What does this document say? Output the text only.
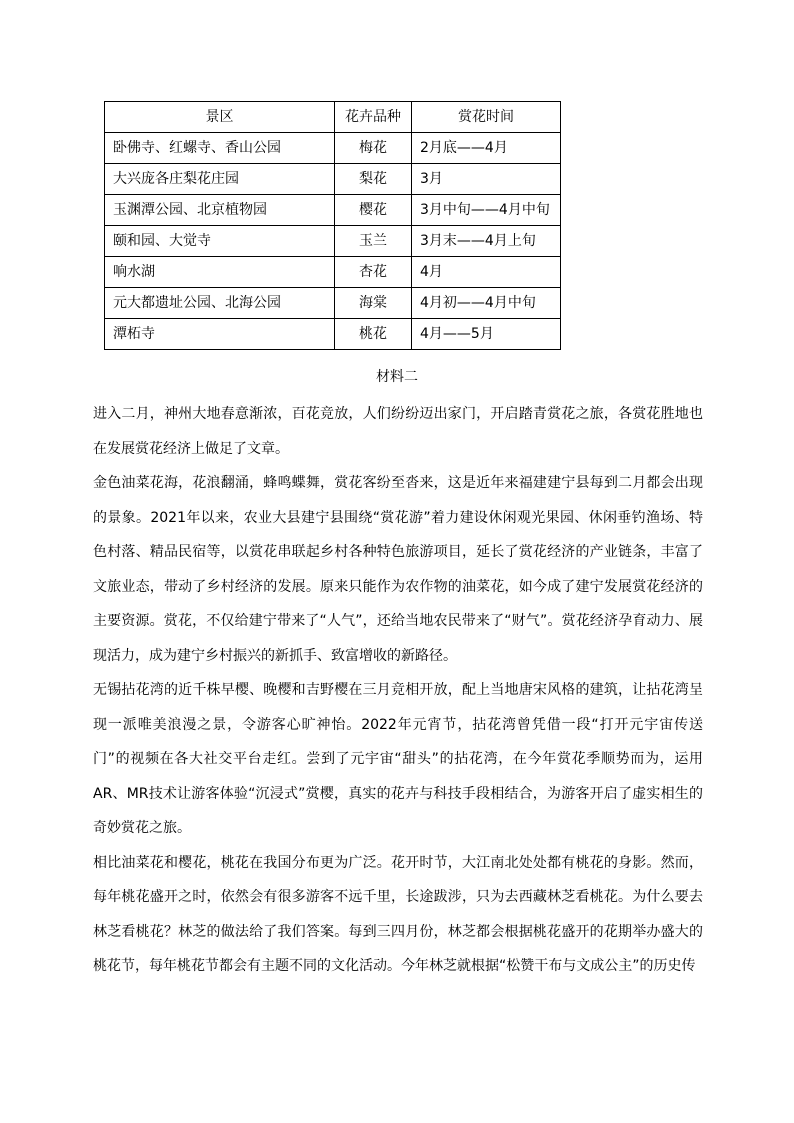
景区	花卉品种	赏花时间
卧佛寺、红螺寺、香山公园	梅花	2月底——4月
大兴庞各庄梨花庄园	梨花	3月
玉渊潭公园、北京植物园	樱花	3月中旬——4月中旬
颐和园、大觉寺	玉兰	3月末——4月上旬
响水湖	杏花	4月
元大都遗址公园、北海公园	海棠	4月初——4月中旬
潭柘寺	桃花	4月——5月
材料二

进入二月，神州大地春意渐浓，百花竞放，人们纷纷迈出家门，开启踏青赏花之旅，各赏花胜地也在发展赏花经济上做足了文章。

金色油菜花海，花浪翻涌，蜂鸣蝶舞，赏花客纷至沓来，这是近年来福建建宁县每到二月都会出现的景象。2021年以来，农业大县建宁县围绕“赏花游”着力建设休闲观光果园、休闲垂钓渔场、特色村落、精品民宿等，以赏花串联起乡村各种特色旅游项目，延长了赏花经济的产业链条，丰富了文旅业态，带动了乡村经济的发展。原来只能作为农作物的油菜花，如今成了建宁发展赏花经济的主要资源。赏花，不仅给建宁带来了“人气”，还给当地农民带来了“财气”。赏花经济孕育动力、展现活力，成为建宁乡村振兴的新抓手、致富增收的新路径。

无锡拈花湾的近千株早樱、晚樱和吉野樱在三月竞相开放，配上当地唐宋风格的建筑，让拈花湾呈现一派唯美浪漫之景，令游客心旷神怡。2022年元宵节，拈花湾曾凭借一段“打开元宇宙传送门”的视频在各大社交平台走红。尝到了元宇宙“甜头”的拈花湾，在今年赏花季顺势而为，运用AR、MR技术让游客体验“沉浸式”赏樱，真实的花卉与科技手段相结合，为游客开启了虚实相生的奇妙赏花之旅。

相比油菜花和樱花，桃花在我国分布更为广泛。花开时节，大江南北处处都有桃花的身影。然而，每年桃花盛开之时，依然会有很多游客不远千里，长途跋涉，只为去西藏林芝看桃花。为什么要去林芝看桃花？林芝的做法给了我们答案。每到三四月份，林芝都会根据桃花盛开的花期举办盛大的桃花节，每年桃花节都会有主题不同的文化活动。今年林芝就根据“松赞干布与文成公主”的历史传
